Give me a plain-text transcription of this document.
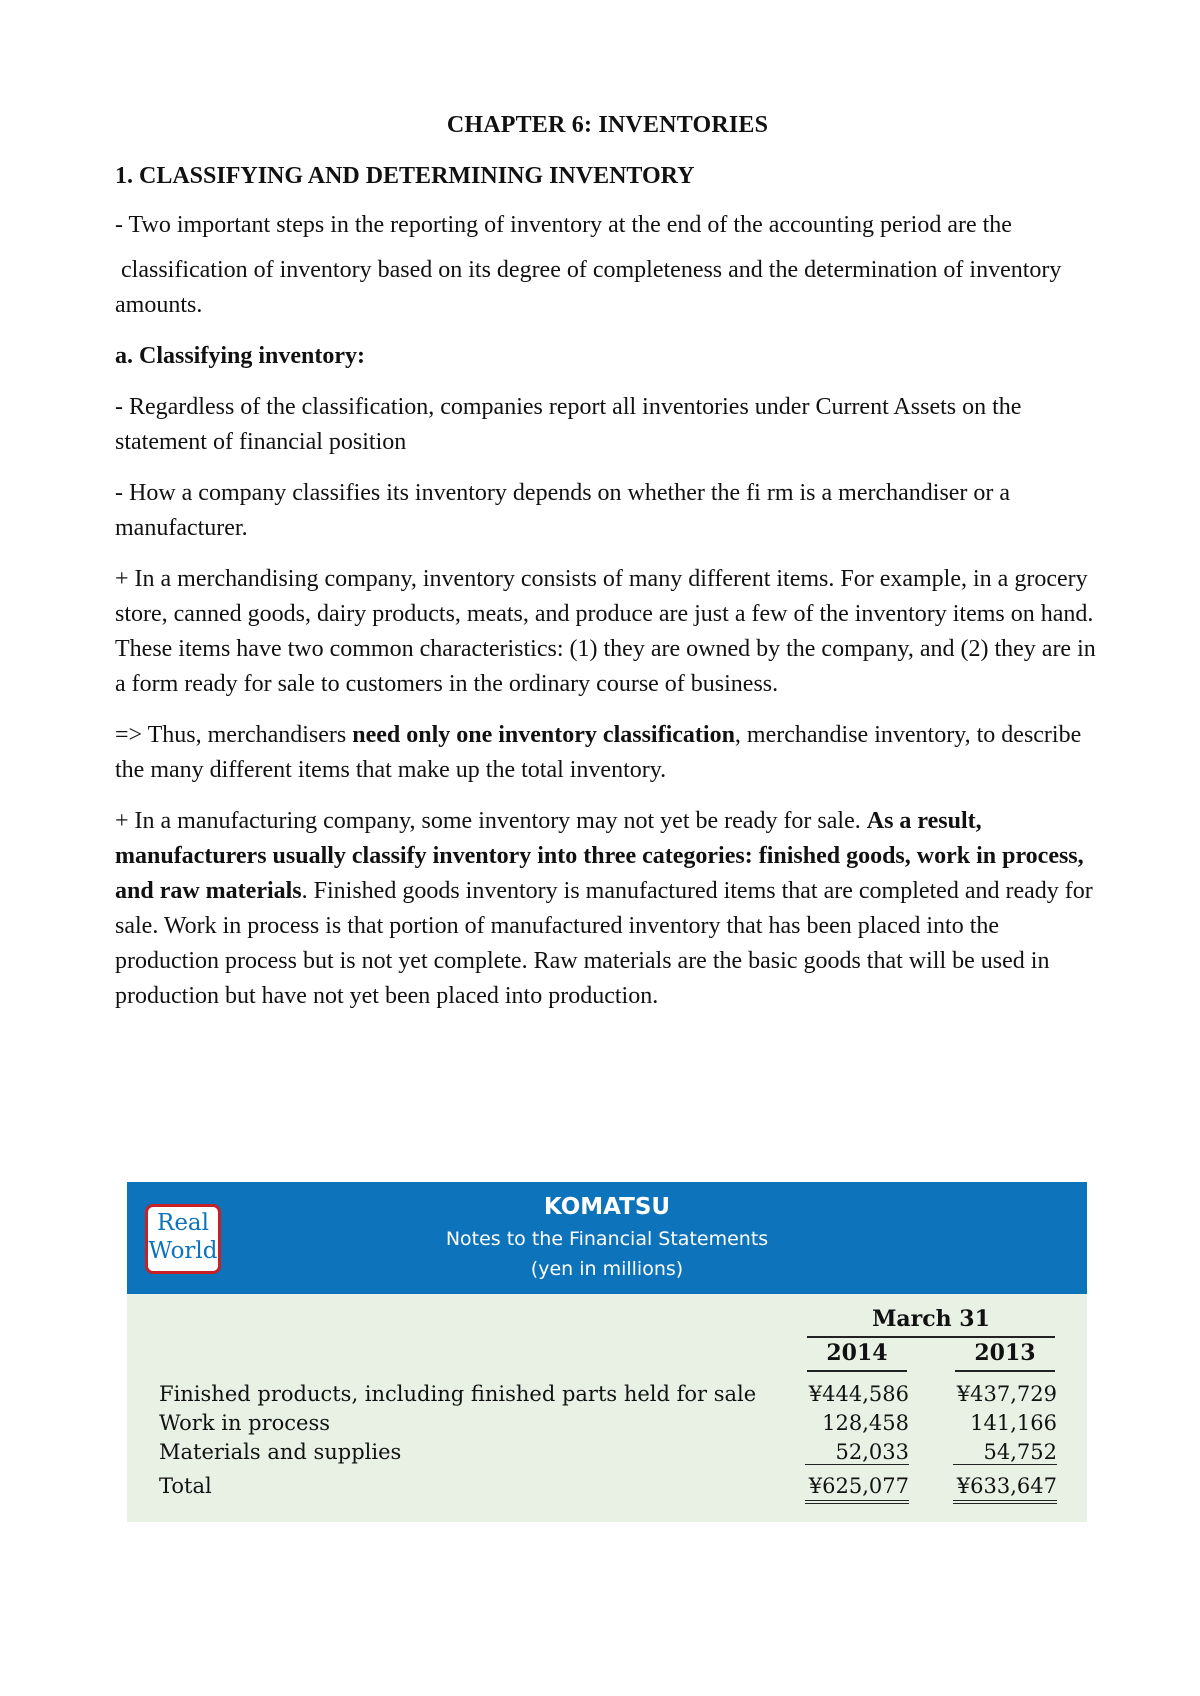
CHAPTER 6: INVENTORIES
1. CLASSIFYING AND DETERMINING INVENTORY

- Two important steps in the reporting of inventory at the end of the accounting period are the

classification of inventory based on its degree of completeness and the determination of inventory amounts.

a. Classifying inventory:

- Regardless of the classification, companies report all inventories under Current Assets on the statement of financial position

- How a company classifies its inventory depends on whether the fi rm is a merchandiser or a manufacturer.

+ In a merchandising company, inventory consists of many different items. For example, in a grocery store, canned goods, dairy products, meats, and produce are just a few of the inventory items on hand. These items have two common characteristics: (1) they are owned by the company, and (2) they are in a form ready for sale to customers in the ordinary course of business.

=> Thus, merchandisers need only one inventory classification, merchandise inventory, to describe the many different items that make up the total inventory.

+ In a manufacturing company, some inventory may not yet be ready for sale. As a result, manufacturers usually classify inventory into three categories: finished goods, work in process, and raw materials. Finished goods inventory is manufactured items that are completed and ready for sale. Work in process is that portion of manufactured inventory that has been placed into the production process but is not yet complete. Raw materials are the basic goods that will be used in production but have not yet been placed into production.

Real
World
KOMATSU
Notes to the Financial Statements
(yen in millions)
March 31
2014	2013
Finished products, including finished parts held for sale	¥444,586 ¥437,729
Work in process	128,458	141,166
Materials and supplies	52,033	54,752
Total	¥625,077 ¥633,647
